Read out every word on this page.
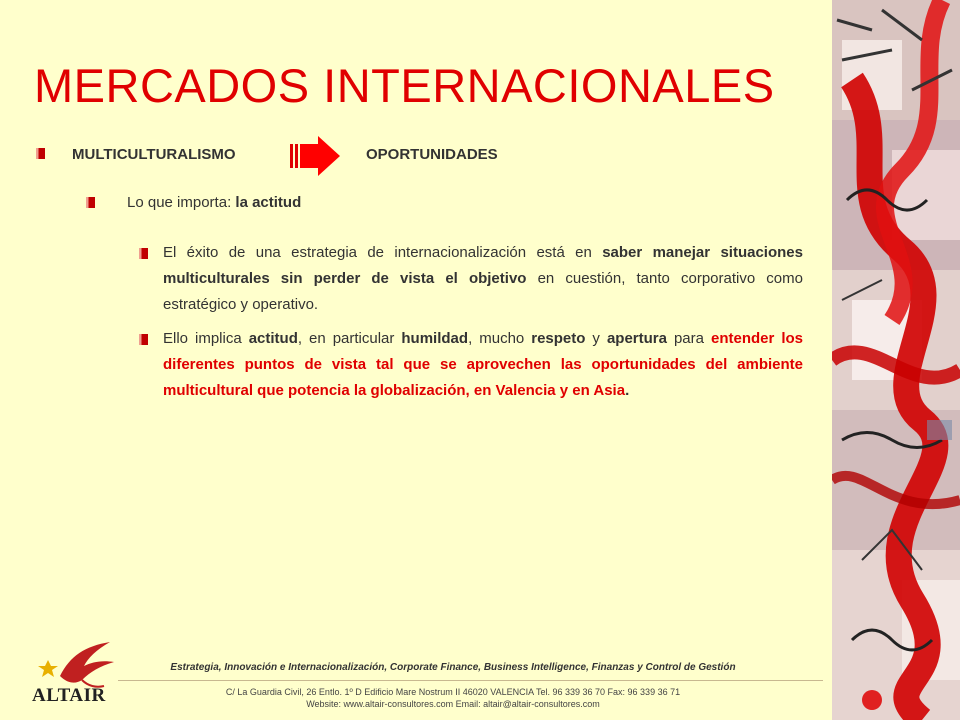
MERCADOS INTERNACIONALES
MULTICULTURALISMO	OPORTUNIDADES
Lo que importa: la actitud
El éxito de una estrategia de internacionalización está en saber manejar situaciones multiculturales sin perder de vista el objetivo en cuestión, tanto corporativo como estratégico y operativo.
Ello implica actitud, en particular humildad, mucho respeto y apertura para entender los diferentes puntos de vista tal que se aprovechen las oportunidades del ambiente multicultural que potencia la globalización, en Valencia y en Asia.
ALTAIR
Estrategia, Innovación e Internacionalización, Corporate Finance, Business Intelligence, Finanzas y Control de Gestión
C/ La Guardia Civil, 26 Entlo. 1º D Edificio Mare Nostrum II 46020 VALENCIA Tel. 96 339 36 70 Fax: 96 339 36 71
Website: www.altair-consultores.com Email: altair@altair-consultores.com
